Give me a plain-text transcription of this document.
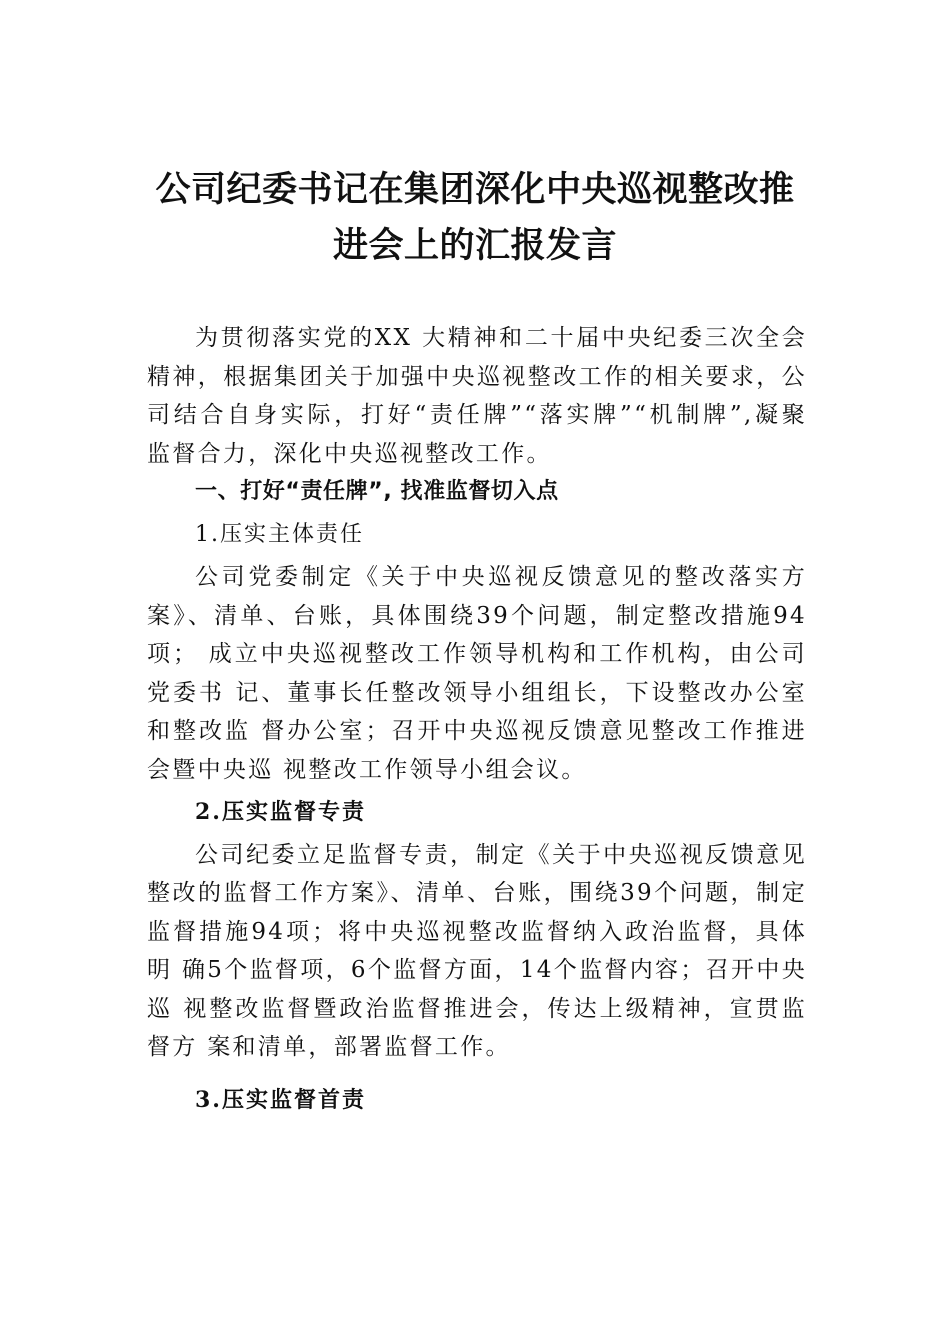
公司纪委书记在集团深化中央巡视整改推
进会上的汇报发言

为贯彻落实党的XX 大精神和二十届中央纪委三次全会 精神，根据集团关于加强中央巡视整改工作的相关要求，公 司结合自身实际，打好“责任牌”“落实牌”“机制牌”,凝聚 监督合力，深化中央巡视整改工作。

一、打好“责任牌”, 找准监督切入点

1.压实主体责任

公司党委制定《关于中央巡视反馈意见的整改落实方案》、清单、台账，具体围绕39个问题，制定整改措施94项； 成立中央巡视整改工作领导机构和工作机构，由公司党委书 记、董事长任整改领导小组组长，下设整改办公室和整改监 督办公室；召开中央巡视反馈意见整改工作推进会暨中央巡 视整改工作领导小组会议。

2.压实监督专责

公司纪委立足监督专责，制定《关于中央巡视反馈意见整改的监督工作方案》、清单、台账，围绕39个问题，制定 监督措施94项；将中央巡视整改监督纳入政治监督，具体明 确5个监督项，6个监督方面，14个监督内容；召开中央巡 视整改监督暨政治监督推进会，传达上级精神，宣贯监督方 案和清单，部署监督工作。

3.压实监督首责
